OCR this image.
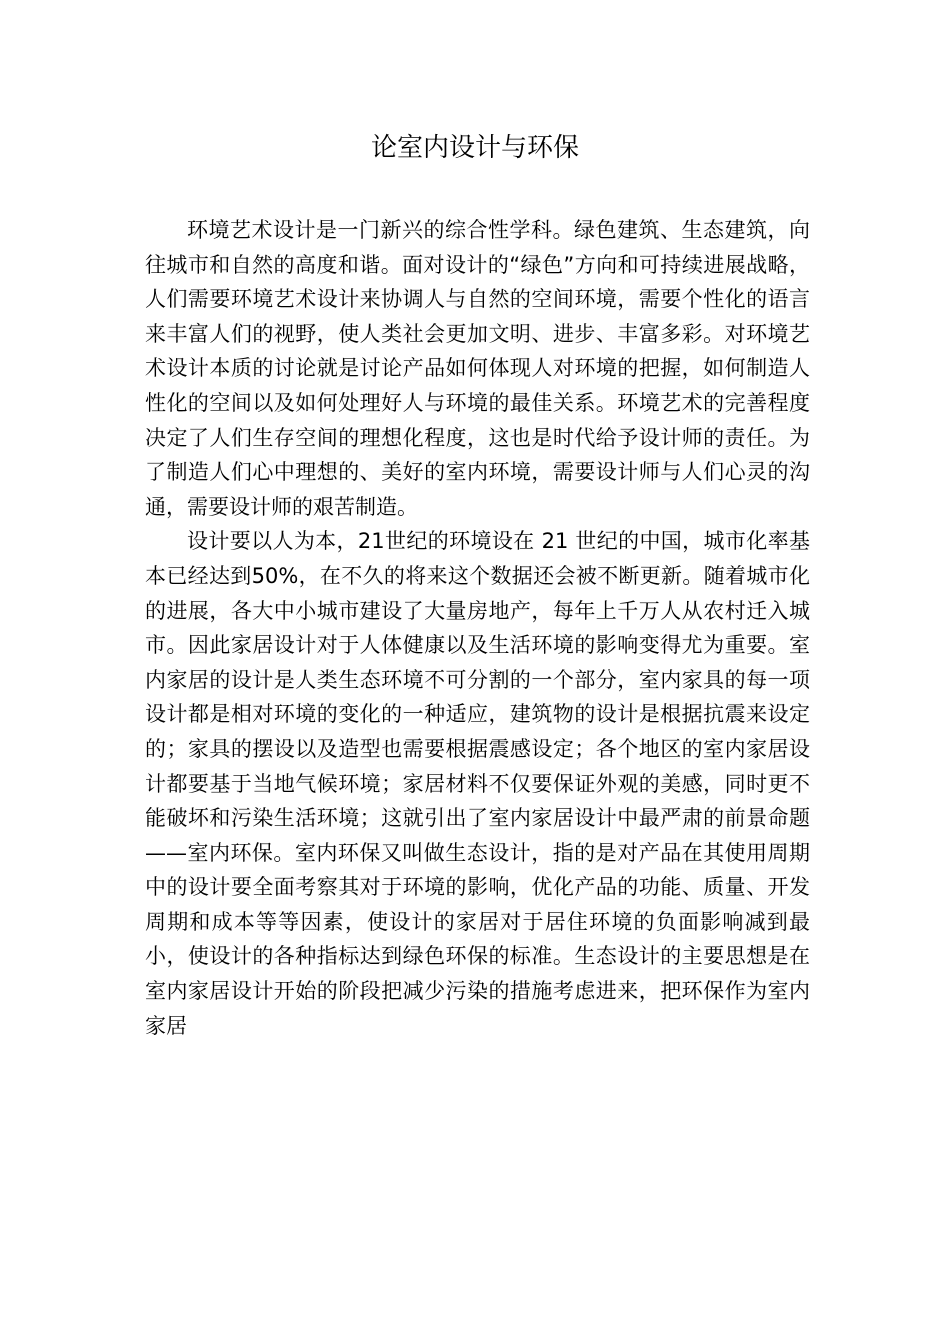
论室内设计与环保

环境艺术设计是一门新兴的综合性学科。绿色建筑、生态建筑，向往城市和自然的高度和谐。面对设计的“绿色”方向和可持续进展战略，人们需要环境艺术设计来协调人与自然的空间环境，需要个性化的语言来丰富人们的视野，使人类社会更加文明、进步、丰富多彩。对环境艺术设计本质的讨论就是讨论产品如何体现人对环境的把握，如何制造人性化的空间以及如何处理好人与环境的最佳关系。环境艺术的完善程度决定了人们生存空间的理想化程度，这也是时代给予设计师的责任。为了制造人们心中理想的、美好的室内环境，需要设计师与人们心灵的沟通，需要设计师的艰苦制造。

设计要以人为本，21世纪的环境设在 21 世纪的中国，城市化率基本已经达到50%，在不久的将来这个数据还会被不断更新。随着城市化的进展，各大中小城市建设了大量房地产，每年上千万人从农村迁入城市。因此家居设计对于人体健康以及生活环境的影响变得尤为重要。室内家居的设计是人类生态环境不可分割的一个部分，室内家具的每一项设计都是相对环境的变化的一种适应，建筑物的设计是根据抗震来设定的；家具的摆设以及造型也需要根据震感设定；各个地区的室内家居设计都要基于当地气候环境；家居材料不仅要保证外观的美感，同时更不能破坏和污染生活环境；这就引出了室内家居设计中最严肃的前景命题——室内环保。室内环保又叫做生态设计，指的是对产品在其使用周期中的设计要全面考察其对于环境的影响，优化产品的功能、质量、开发周期和成本等等因素，使设计的家居对于居住环境的负面影响减到最小，使设计的各种指标达到绿色环保的标准。生态设计的主要思想是在室内家居设计开始的阶段把减少污染的措施考虑进来，把环保作为室内家居
